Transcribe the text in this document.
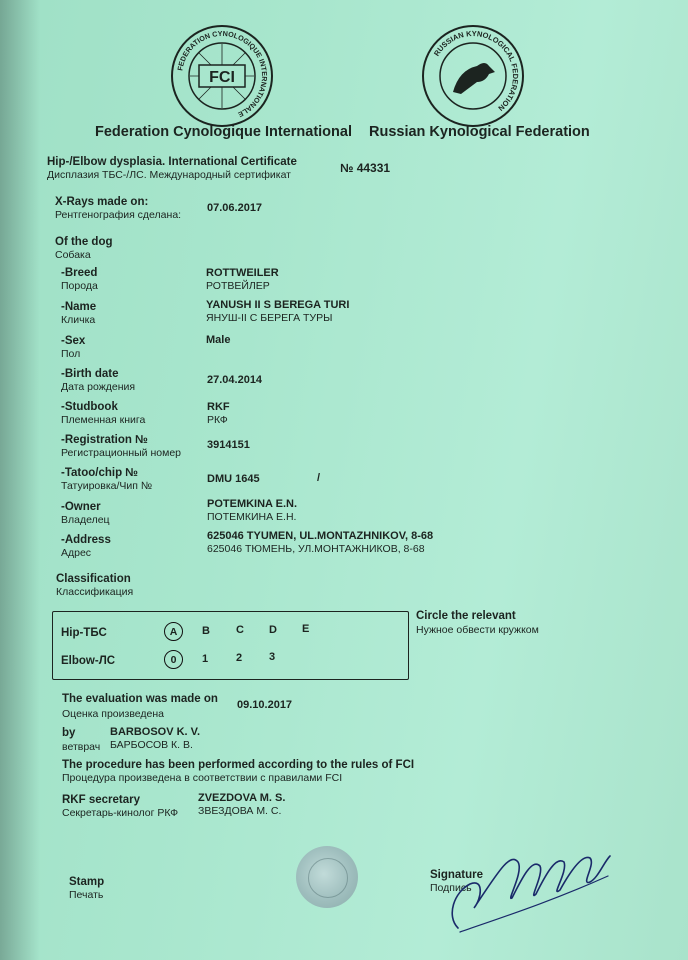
FEDERATION CYNOLOGIQUE INTERNATIONALE
FCI
RUSSIAN KYNOLOGICAL FEDERATION
Federation Cynologique International Russian Kynological Federation
Hip-/Elbow dysplasia. International Certificate
Дисплазия ТБС-/ЛС. Международный сертификат	№ 44331
X-Rays made on:
Рентгенография сделана:
07.06.2017
Of the dog
Собака
-Breed
Порода
ROTTWEILER
РОТВЕЙЛЕР
-Name
Кличка
YANUSH II S BEREGA TURI
ЯНУШ-II С БЕРЕГА ТУРЫ
-Sex
Пол
Male
-Birth date
Дата рождения
27.04.2014
-Studbook
Племенная книга
RKF
РКФ
-Registration №
Регистрационный номер
3914151
-Tatoo/chip №
Татуировка/Чип №
DMU 1645	/
-Owner
Владелец
POTEMKINA E.N.
ПОТЕМКИНА Е.Н.
-Address
Адрес
625046 TYUMEN, UL.MONTAZHNIKOV, 8-68
625046 ТЮМЕНЬ, УЛ.МОНТАЖНИКОВ, 8-68
Classification
Классификация
Hip-ТБС	A	B C D E
Elbow-ЛС	0	1	2 3
Circle the relevant
Нужное обвести кружком
The evaluation was made on
Оценка произведена
09.10.2017
by
ветврач
BARBOSOV K. V.
БАРБОСОВ К. В.
The procedure has been performed according to the rules of FCI
Процедура произведена в соответствии с правилами FCI
RKF secretary
Секретарь-кинолог РКФ
ZVEZDOVA M. S.
ЗВЕЗДОВА М. С.
Stamp
Печать
Signature
Подпись
